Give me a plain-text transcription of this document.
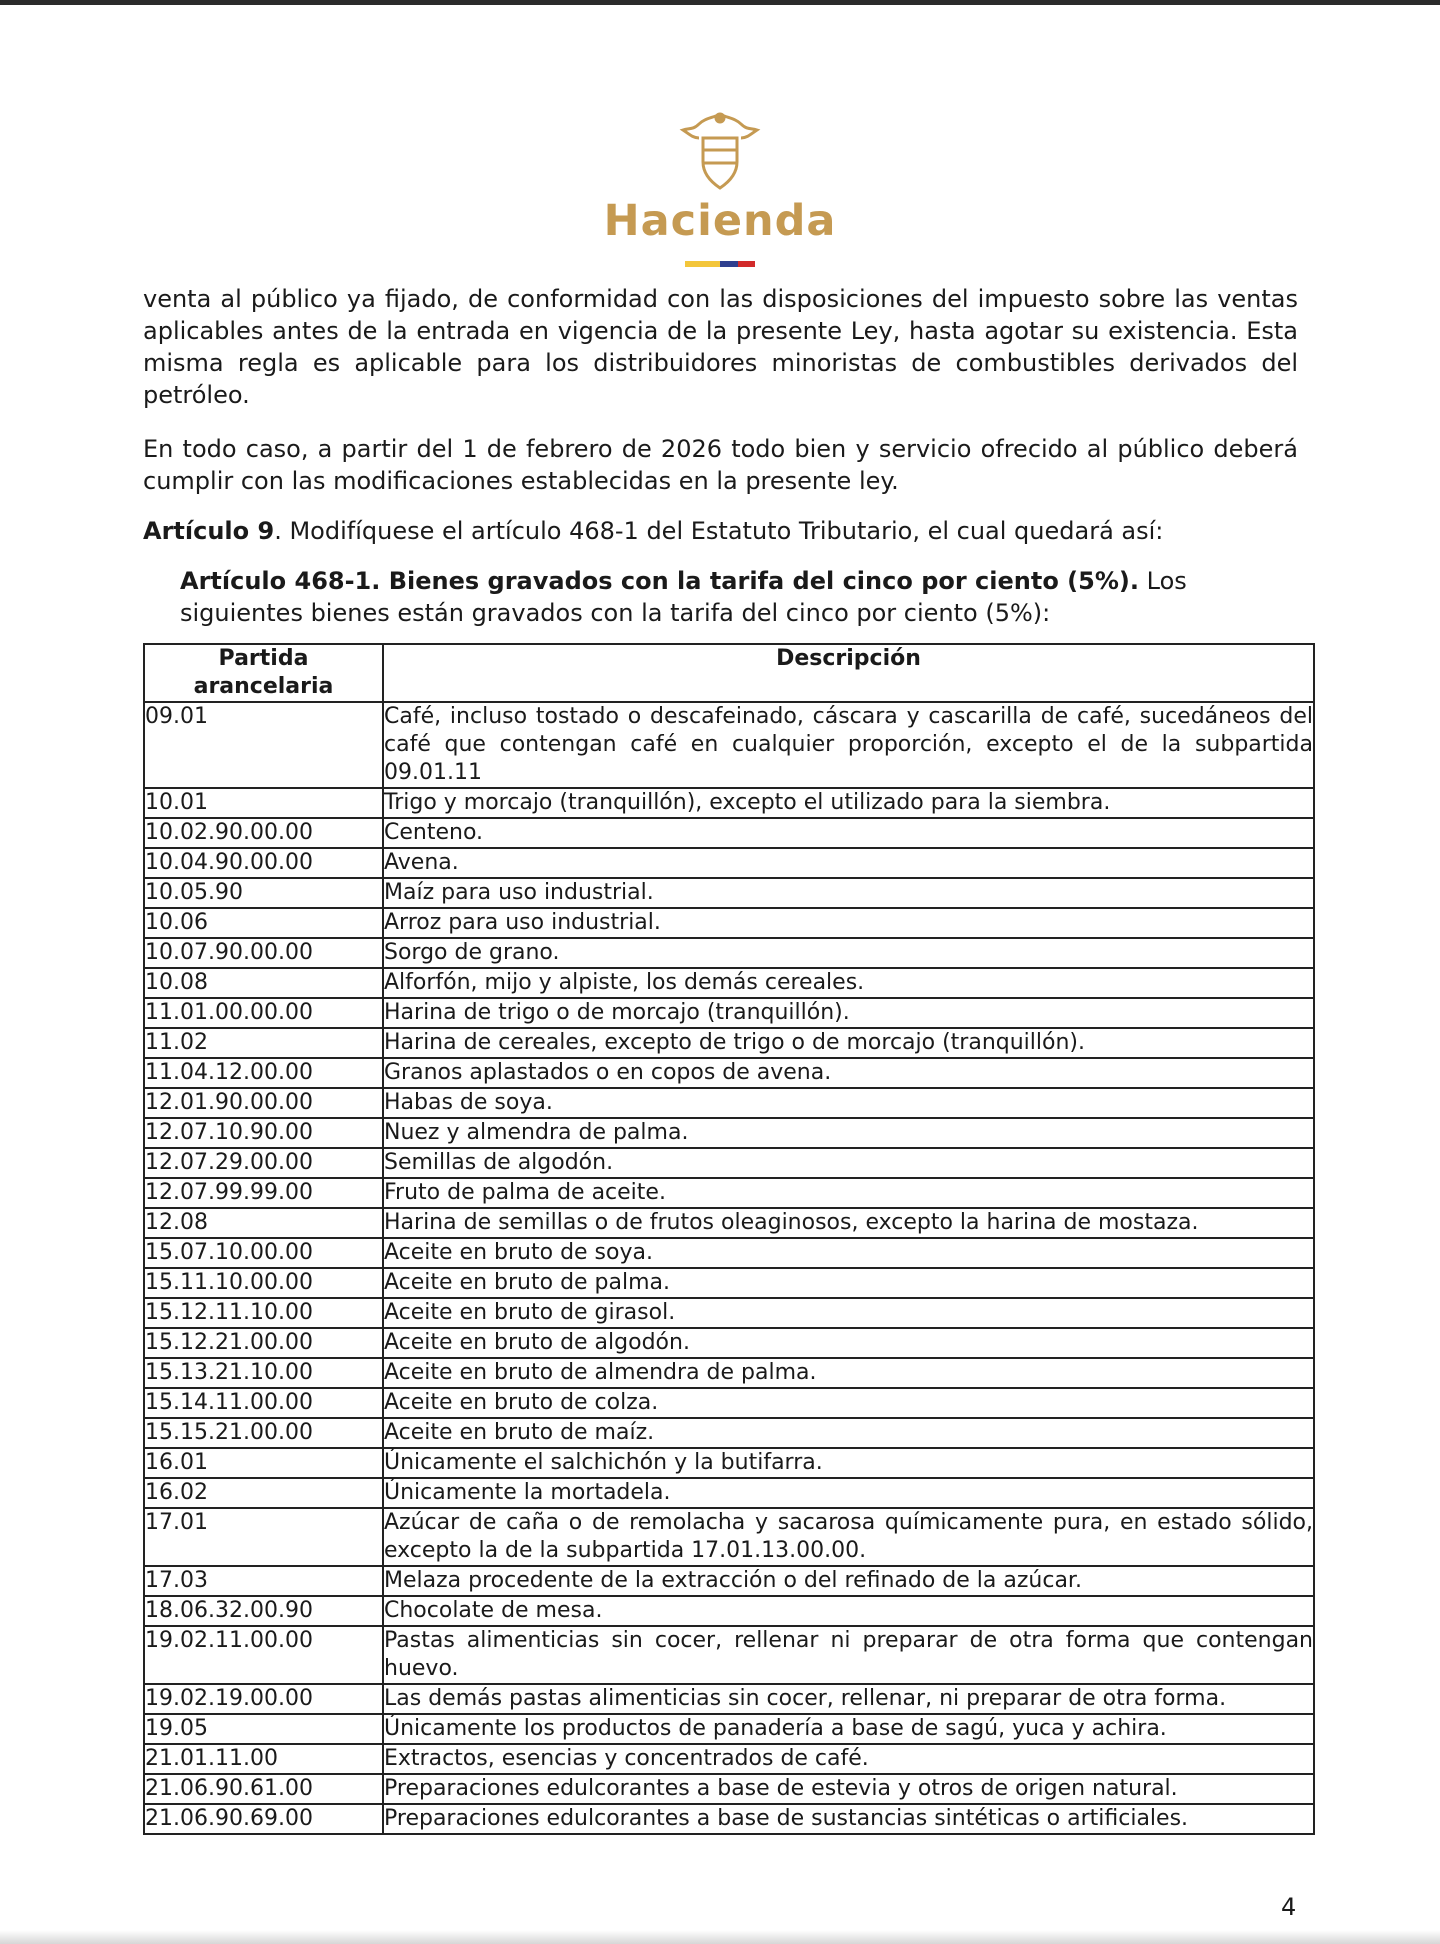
Hacienda

venta al público ya fijado, de conformidad con las disposiciones del impuesto sobre las ventas aplicables antes de la entrada en vigencia de la presente Ley, hasta agotar su existencia. Esta misma regla es aplicable para los distribuidores minoristas de combustibles derivados del petróleo.

En todo caso, a partir del 1 de febrero de 2026 todo bien y servicio ofrecido al público deberá cumplir con las modificaciones establecidas en la presente ley.

Artículo 9. Modifíquese el artículo 468-1 del Estatuto Tributario, el cual quedará así:

Artículo 468-1. Bienes gravados con la tarifa del cinco por ciento (5%). Los siguientes bienes están gravados con la tarifa del cinco por ciento (5%):

Partida arancelaria	Descripción
09.01	Café, incluso tostado o descafeinado, cáscara y cascarilla de café, sucedáneos del café que contengan café en cualquier proporción, excepto el de la subpartida 09.01.11
10.01	Trigo y morcajo (tranquillón), excepto el utilizado para la siembra.
10.02.90.00.00	Centeno.
10.04.90.00.00	Avena.
10.05.90	Maíz para uso industrial.
10.06	Arroz para uso industrial.
10.07.90.00.00	Sorgo de grano.
10.08	Alforfón, mijo y alpiste, los demás cereales.
11.01.00.00.00	Harina de trigo o de morcajo (tranquillón).
11.02	Harina de cereales, excepto de trigo o de morcajo (tranquillón).
11.04.12.00.00	Granos aplastados o en copos de avena.
12.01.90.00.00	Habas de soya.
12.07.10.90.00	Nuez y almendra de palma.
12.07.29.00.00	Semillas de algodón.
12.07.99.99.00	Fruto de palma de aceite.
12.08	Harina de semillas o de frutos oleaginosos, excepto la harina de mostaza.
15.07.10.00.00	Aceite en bruto de soya.
15.11.10.00.00	Aceite en bruto de palma.
15.12.11.10.00	Aceite en bruto de girasol.
15.12.21.00.00	Aceite en bruto de algodón.
15.13.21.10.00	Aceite en bruto de almendra de palma.
15.14.11.00.00	Aceite en bruto de colza.
15.15.21.00.00	Aceite en bruto de maíz.
16.01	Únicamente el salchichón y la butifarra.
16.02	Únicamente la mortadela.
17.01	Azúcar de caña o de remolacha y sacarosa químicamente pura, en estado sólido, excepto la de la subpartida 17.01.13.00.00.
17.03	Melaza procedente de la extracción o del refinado de la azúcar.
18.06.32.00.90	Chocolate de mesa.
19.02.11.00.00	Pastas alimenticias sin cocer, rellenar ni preparar de otra forma que contengan huevo.
19.02.19.00.00	Las demás pastas alimenticias sin cocer, rellenar, ni preparar de otra forma.
19.05	Únicamente los productos de panadería a base de sagú, yuca y achira.
21.01.11.00	Extractos, esencias y concentrados de café.
21.06.90.61.00	Preparaciones edulcorantes a base de estevia y otros de origen natural.
21.06.90.69.00	Preparaciones edulcorantes a base de sustancias sintéticas o artificiales.
4
